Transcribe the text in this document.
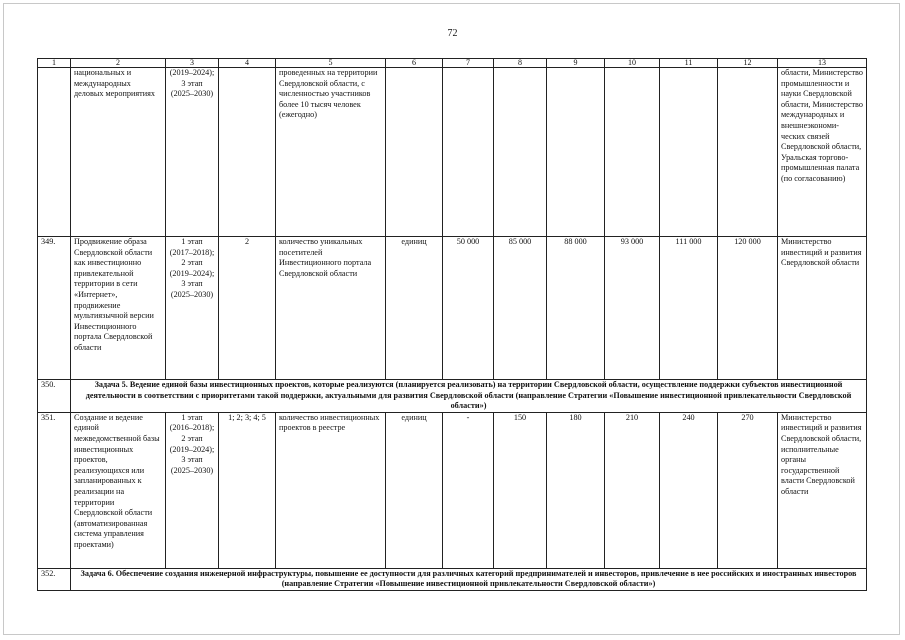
72
1	2	3	4	5	6	7	8	9	10	11	12	13
	национальных и международных деловых мероприятиях	(2019–2024); 3 этап (2025–2030)		проведенных на территории Свердловской области, с численностью участников более 10 тысяч человек (ежегодно)								области, Министерство промышленности и науки Свердловской области, Министерство международных и внешнеэкономи-ческих связей Свердловской области, Уральская торгово-промышленная палата (по согласованию)
349.	Продвижение образа Свердловской области как инвестиционно привлекательной территории в сети «Интернет», продвижение мультиязычной версии Инвестиционного портала Свердловской области	1 этап (2017–2018); 2 этап (2019–2024); 3 этап (2025–2030)	2	количество уникальных посетителей Инвестиционного портала Свердловской области	единиц	50 000	85 000	88 000	93 000	111 000	120 000	Министерство инвестиций и развития Свердловской области
350.	Задача 5. Ведение единой базы инвестиционных проектов, которые реализуются (планируется реализовать) на территории Свердловской области, осуществление поддержки субъектов инвестиционной деятельности в соответствии с приоритетами такой поддержки, актуальными для развития Свердловской области (направление Стратегии «Повышение инвестиционной привлекательности Свердловской области»)											
351.	Создание и ведение единой межведомственной базы инвестиционных проектов, реализующихся или запланированных к реализации на территории Свердловской области (автоматизированная система управления проектами)	1 этап (2016–2018); 2 этап (2019–2024); 3 этап (2025–2030)	1; 2; 3; 4; 5	количество инвестиционных проектов в реестре	единиц	-	150	180	210	240	270	Министерство инвестиций и развития Свердловской области, исполнительные органы государственной власти Свердловской области
352.	Задача 6. Обеспечение создания инженерной инфраструктуры, повышение ее доступности для различных категорий предпринимателей и инвесторов, привлечение в нее российских и иностранных инвесторов (направление Стратегии «Повышение инвестиционной привлекательности Свердловской области»)											
